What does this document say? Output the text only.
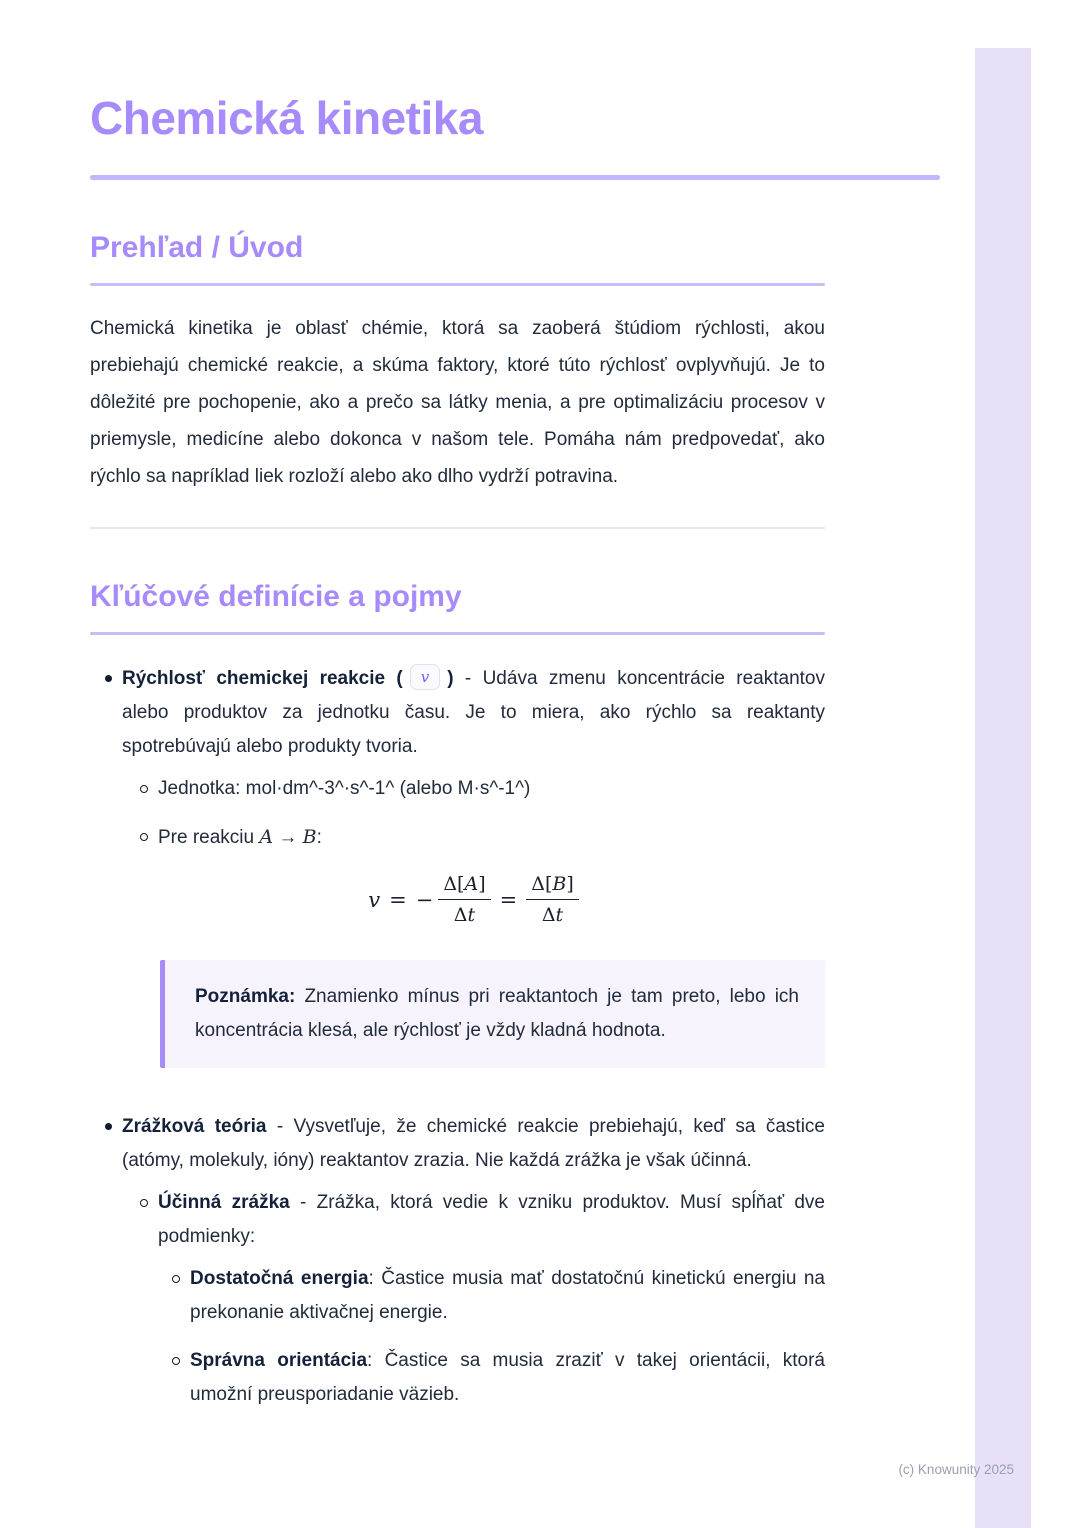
Chemická kinetika
Prehľad / Úvod

Chemická kinetika je oblasť chémie, ktorá sa zaoberá štúdiom rýchlosti, akou prebiehajú chemické reakcie, a skúma faktory, ktoré túto rýchlosť ovplyvňujú. Je to dôležité pre pochopenie, ako a prečo sa látky menia, a pre optimalizáciu procesov v priemysle, medicíne alebo dokonca v našom tele. Pomáha nám predpovedať, ako rýchlo sa napríklad liek rozloží alebo ako dlho vydrží potravina.

Kľúčové definície a pojmy
Rýchlosť chemickej reakcie ( v ) - Udáva zmenu koncentrácie reaktantov alebo produktov za jednotku času. Je to miera, ako rýchlo sa reaktanty spotrebúvajú alebo produkty tvoria.
Jednotka: mol·dm^-3^·s^-1^ (alebo M·s^-1^)
Pre reakciu A → B:
v = − $\frac{\Delta[A]}{\Delta t} = \frac{\Delta[B]}{\Delta t}$
Poznámka: Znamienko mínus pri reaktantoch je tam preto, lebo ich koncentrácia klesá, ale rýchlosť je vždy kladná hodnota.
Zrážková teória - Vysvetľuje, že chemické reakcie prebiehajú, keď sa častice (atómy, molekuly, ióny) reaktantov zrazia. Nie každá zrážka je však účinná.
Účinná zrážka - Zrážka, ktorá vedie k vzniku produktov. Musí spĺňať dve podmienky:
Dostatočná energia: Častice musia mať dostatočnú kinetickú energiu na prekonanie aktivačnej energie.
Správna orientácia: Častice sa musia zraziť v takej orientácii, ktorá umožní preusporiadanie väzieb.
(c) Knowunity 2025
